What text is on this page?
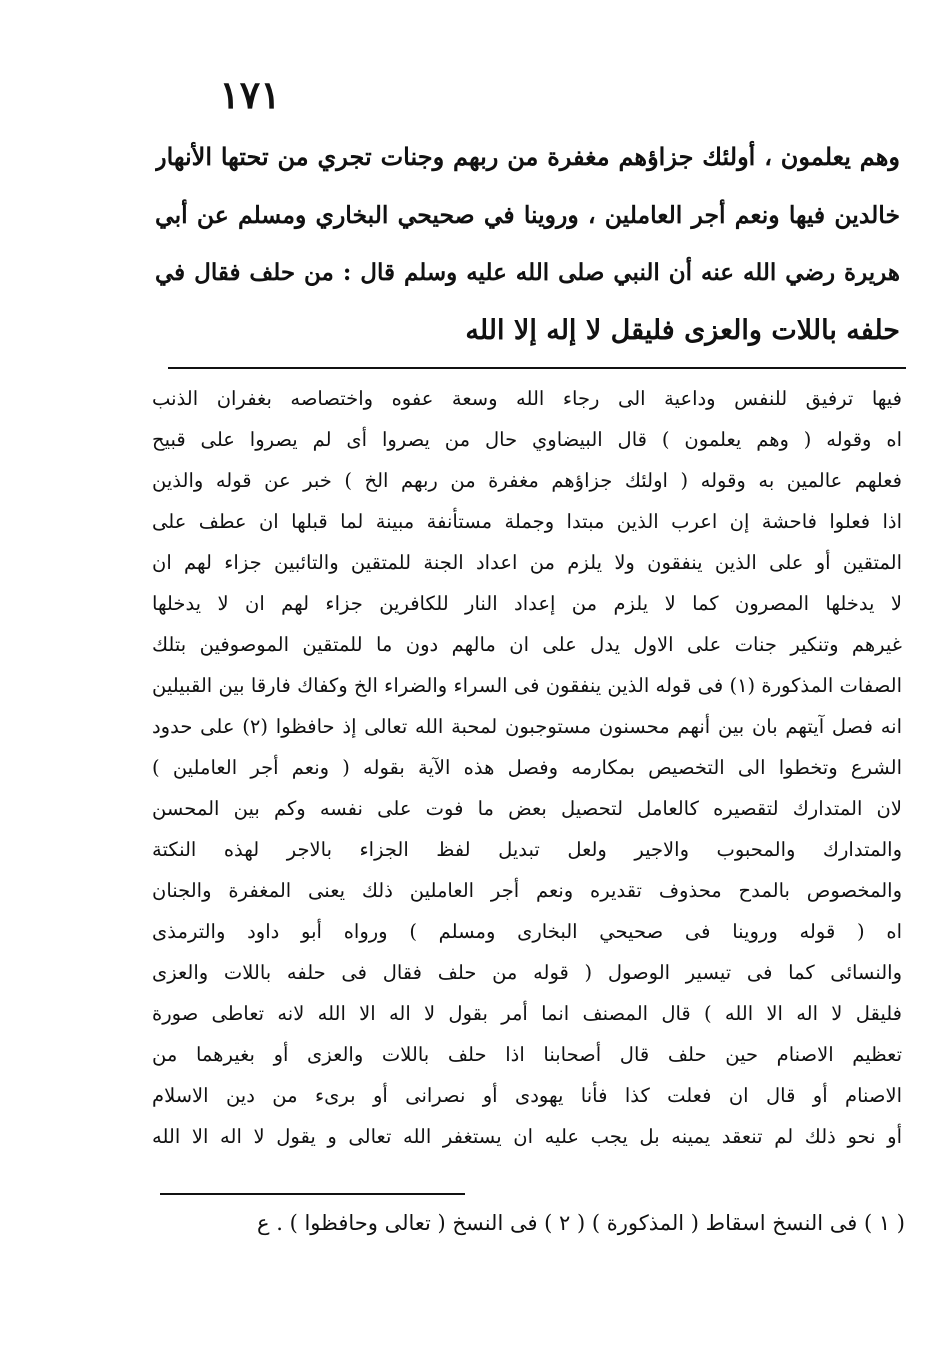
١٧١
وهم يعلمون ، أولئك جزاؤهم مغفرة من ربهم وجنات تجري من تحتها الأنهار
خالدين فيها ونعم أجر العاملين ، وروينا في صحيحي البخاري ومسلم عن أبي
هريرة رضي الله عنه أن النبي صلى الله عليه وسلم قال : من حلف فقال في
حلفه باللات والعزى فليقل لا إله إلا الله
فيها ترفيق للنفس وداعية الى رجاء الله وسعة عفوه واختصاصه بغفران الذنب
اه وقوله ( وهم يعلمون ) قال البيضاوي حال من يصروا أى لم يصروا على قبيح
فعلهم عالمين به وقوله ( اولئك جزاؤهم مغفرة من ربهم الخ ) خبر عن قوله والذين
اذا فعلوا فاحشة إن اعرب الذين مبتدا وجملة مستأنفة مبينة لما قبلها ان عطف على
المتقين أو على الذين ينفقون ولا يلزم من اعداد الجنة للمتقين والتائبين جزاء لهم ان
لا يدخلها المصرون كما لا يلزم من إعداد النار للكافرين جزاء لهم ان لا يدخلها
غيرهم وتنكير جنات على الاول يدل على ان مالهم دون ما للمتقين الموصوفين بتلك
الصفات المذكورة (١) فى قوله الذين ينفقون فى السراء والضراء الخ وكفاك فارقا بين القبيلين
انه فصل آيتهم بان بين أنهم محسنون مستوجبون لمحبة الله تعالى إذ حافظوا (٢) على حدود
الشرع وتخطوا الى التخصيص بمكارمه وفصل هذه الآية بقوله ( ونعم أجر العاملين )
لان المتدارك لتقصيره كالعامل لتحصيل بعض ما فوت على نفسه وكم بين المحسن
والمتدارك والمحبوب والاجير ولعل تبديل لفظ الجزاء بالاجر لهذه النكتة
والمخصوص بالمدح محذوف تقديره ونعم أجر العاملين ذلك يعنى المغفرة والجنان
اه ( قوله وروينا فى صحيحي البخارى ومسلم ) ورواه أبو داود والترمذى
والنسائى كما فى تيسير الوصول ( قوله من حلف فقال فى حلفه باللات والعزى
فليقل لا اله الا الله ) قال المصنف انما أمر بقول لا اله الا الله لانه تعاطى صورة
تعظيم الاصنام حين حلف قال أصحابنا اذا حلف باللات والعزى أو بغيرهما من
الاصنام أو قال ان فعلت كذا فأنا يهودى أو نصرانى أو برىء من دين الاسلام
أو نحو ذلك لم تنعقد يمينه بل يجب عليه ان يستغفر الله تعالى و يقول لا اله الا الله
( ١ ) فى النسخ اسقاط ( المذكورة ) ( ٢ ) فى النسخ ( تعالى وحافظوا ) . ع
